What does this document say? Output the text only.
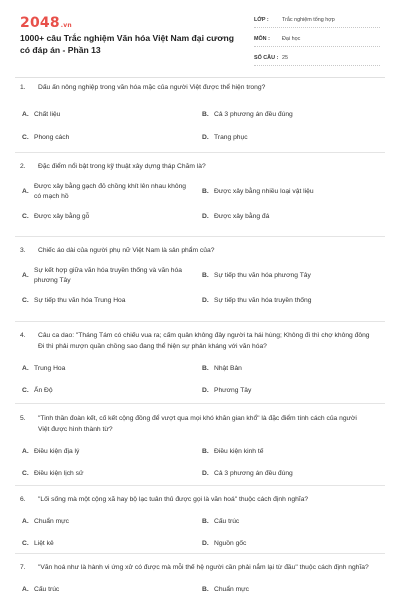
2048.vn
1000+ câu Trắc nghiệm Văn hóa Việt Nam đại cương có đáp án - Phần 13
LỚP :	Trắc nghiệm tổng hợp
MÔN :	Đại học
SỐ CÂU : 25
1.	Dấu ấn nông nghiệp trong văn hóa mặc của người Việt được thể hiện trong?
A. Chất liệu	B. Cả 3 phương án đều đúng
C. Phong cách	D. Trang phục
2.	Đặc điểm nổi bật trong kỹ thuật xây dựng tháp Chăm là?
A.
Được xây bằng gạch đỏ chồng khít lên nhau không có mạch hồ
B. Được xây bằng nhiều loại vật liệu
C. Được xây bằng gỗ	D. Được xây bằng đá
3.	Chiếc áo dài của người phụ nữ Việt Nam là sản phẩm của?
A.
Sự kết hợp giữa văn hóa truyền thống và văn hóa phương Tây
B. Sự tiếp thu văn hóa phương Tây
C. Sự tiếp thu văn hóa Trung Hoa	D. Sự tiếp thu văn hóa truyền thống
4.	Câu ca dao: "Tháng Tám có chiếu vua ra; cấm quân không đây người ta hái hùng; Không đi thì chợ không đông Đi thì phải mượn quần chồng sao đang thể hiện sự phản kháng với văn hóa?
A. Trung Hoa	B. Nhật Bản
C. Ấn Độ	D. Phương Tây
5.	"Tinh thần đoàn kết, cố kết cộng đồng để vượt qua mọi khó khăn gian khổ" là đặc điểm tính cách của người Việt được hình thành từ?
A. Điều kiện địa lý	B. Điều kiện kinh tế
C. Điều kiện lịch sử	D. Cả 3 phương án đều đúng
6.	"Lối sống mà một cộng xã hay bộ lạc tuân thủ được gọi là văn hoá" thuộc cách định nghĩa?
A. Chuẩn mực	B. Cấu trúc
C. Liệt kê	D. Nguồn gốc
7.	"Văn hoá như là hành vi ứng xử có được mà mỗi thế hệ người cần phải nắm lại từ đầu" thuộc cách định nghĩa?
A. Cấu trúc	B. Chuẩn mực
